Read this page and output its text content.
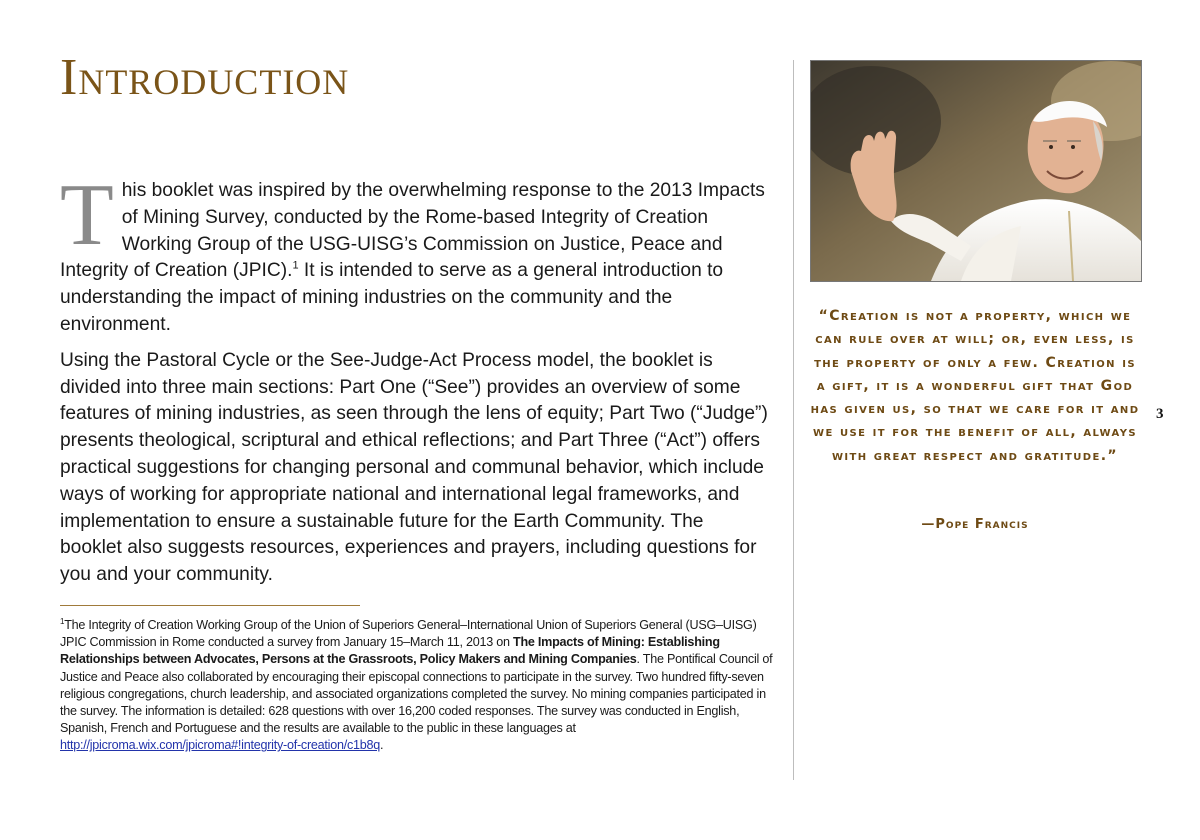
Introduction

This booklet was inspired by the overwhelming response to the 2013 Impacts of Mining Survey, conducted by the Rome-based Integrity of Creation Working Group of the USG-UISG’s Commission on Justice, Peace and Integrity of Creation (JPIC).$^1$ It is intended to serve as a general introduction to understanding the impact of mining industries on the community and the environment.

Using the Pastoral Cycle or the See-Judge-Act Process model, the booklet is divided into three main sections: Part One (“See”) provides an overview of some features of mining industries, as seen through the lens of equity; Part Two (“Judge”) presents theological, scriptural and ethical reflections; and Part Three (“Act”) offers practical suggestions for changing personal and communal behavior, which include ways of working for appropriate national and international legal frameworks, and implementation to ensure a sustainable future for the Earth Community. The booklet also suggests resources, experiences and prayers, including questions for you and your community.

$^1$The Integrity of Creation Working Group of the Union of Superiors General–International Union of Superiors General (USG–UISG) JPIC Commission in Rome conducted a survey from January 15–March 11, 2013 on The Impacts of Mining: Establishing Relationships between Advocates, Persons at the Grassroots, Policy Makers and Mining Companies. The Pontifical Council of Justice and Peace also collaborated by encouraging their episcopal connections to participate in the survey. Two hundred fifty-seven religious congregations, church leadership, and associated organizations completed the survey. No mining companies participated in the survey. The information is detailed: 628 questions with over 16,200 coded responses. The survey was conducted in English, Spanish, French and Portuguese and the results are available to the public in these languages at http://jpicroma.wix.com/jpicroma#!integrity-of-creation/c1b8q.
“Creation is not a property, which we can rule over at will; or, even less, is the property of only a few. Creation is a gift, it is a wonderful gift that God has given us, so that we care for it and we use it for the benefit of all, always with great respect and gratitude.”
—Pope Francis
3
